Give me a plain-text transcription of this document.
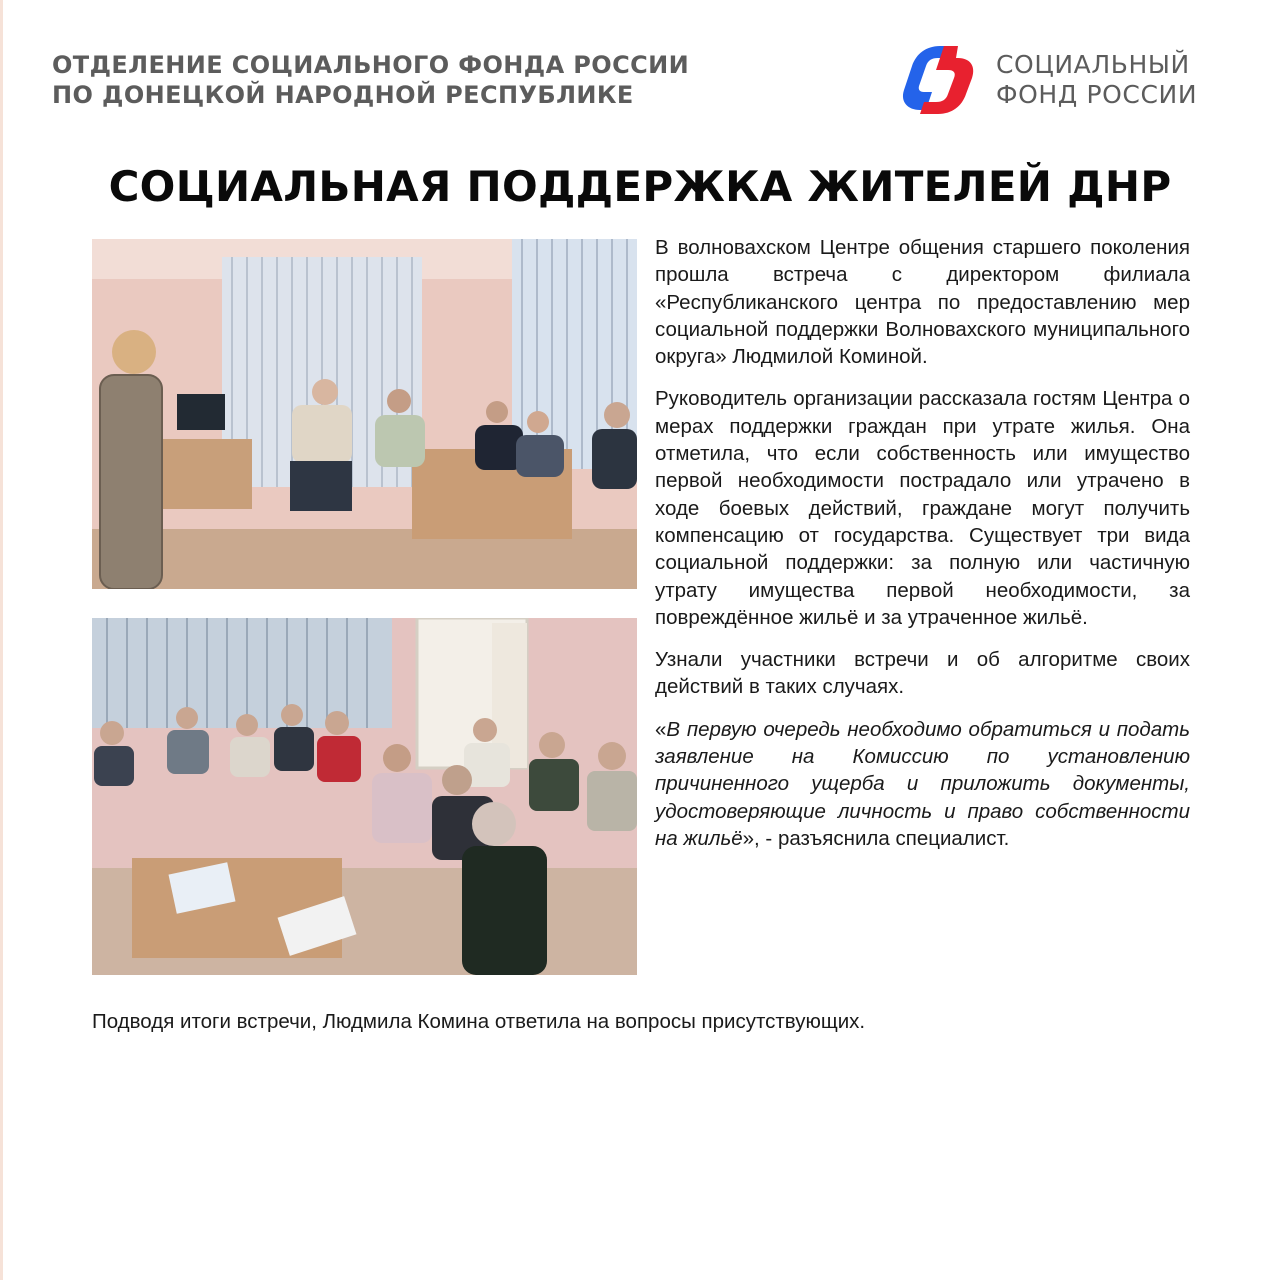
ОТДЕЛЕНИЕ СОЦИАЛЬНОГО ФОНДА РОССИИ
ПО ДОНЕЦКОЙ НАРОДНОЙ РЕСПУБЛИКЕ
СОЦИАЛЬНЫЙ
ФОНД РОССИИ
СОЦИАЛЬНАЯ ПОДДЕРЖКА ЖИТЕЛЕЙ ДНР

В волновахском Центре общения старшего поколения прошла встреча с директором филиала «Республиканского центра по предоставлению мер социальной поддержки Волновахского муниципального округа» Людмилой Коминой.

Руководитель организации рассказала гостям Центра о мерах поддержки граждан при утрате жилья. Она отметила, что если собственность или имущество первой необходимости пострадало или утрачено в ходе боевых действий, граждане могут получить компенсацию от государства. Существует три вида социальной поддержки: за полную или частичную утрату имущества первой необходимости, за повреждённое жильё и за утраченное жильё.

Узнали участники встречи и об алгоритме своих действий в таких случаях.

«В первую очередь необходимо обратиться и подать заявление на Комиссию по установлению причиненного ущерба и приложить документы, удостоверяющие личность и право собственности на жильё», - разъяснила специалист.

Подводя итоги встречи, Людмила Комина ответила на вопросы присутствующих.
